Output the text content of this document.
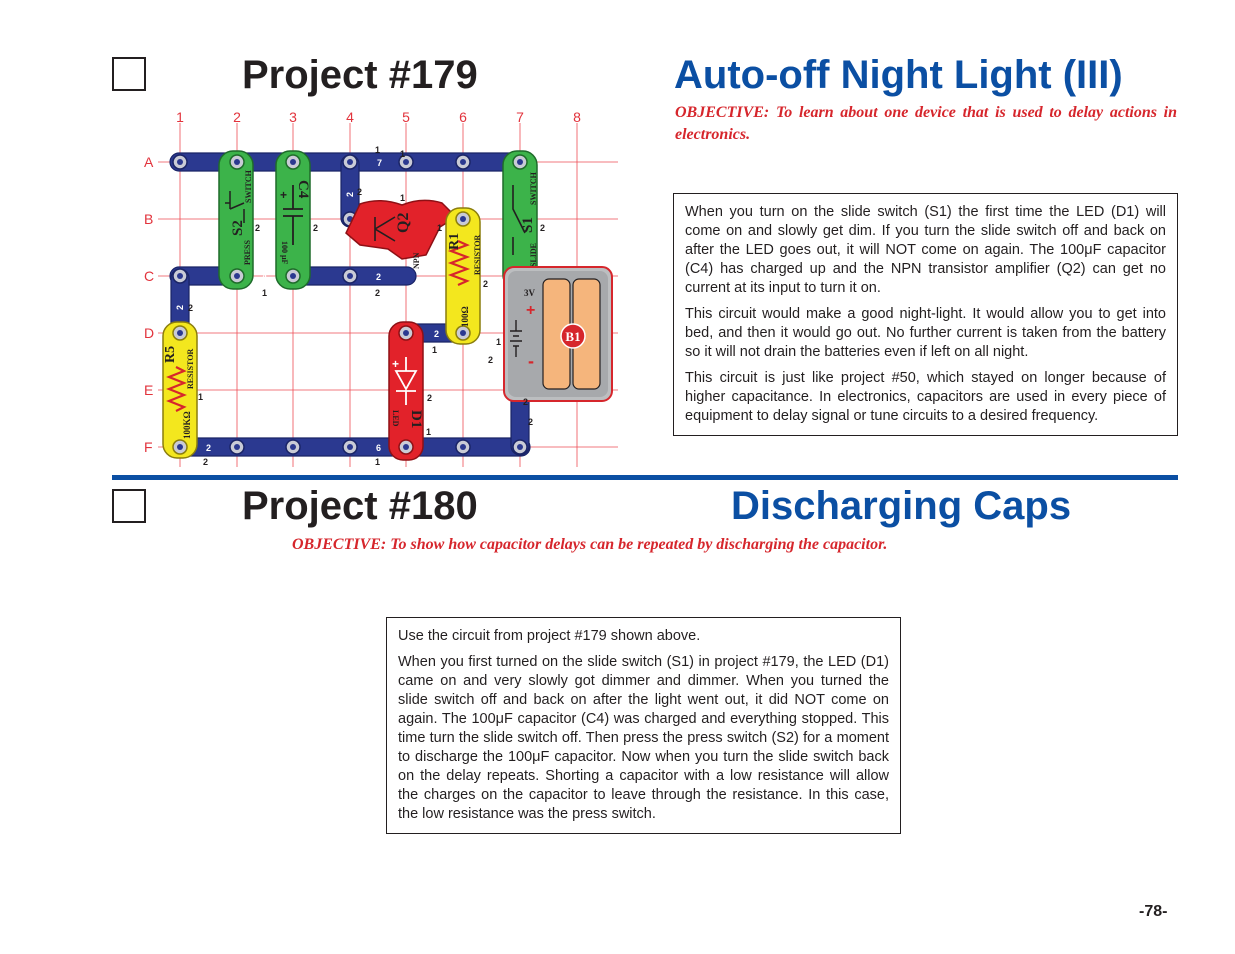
Project #179	Auto-off Night Light (III)
OBJECTIVE: To learn about one device that is used to delay actions in electronics.
1	2	3	4	5	6	7	8
A
B
C
D
E
F
S2
PRESS
SWITCH + C4
100 μF
Q2
NPN
R1 RESISTOR
100Ω
S1
SLIDE
SWITCH
B1
3V
+
-
R5 RESISTOR
100KΩ
+
D1
LED
7
4	2
2	6
2
2
2
1
2
1
2	2
1
1	2
2
2
1
2
1
2
2
1
1
2	1
2
1
2

When you turn on the slide switch (S1) the first time the LED (D1) will come on and slowly get dim. If you turn the slide switch off and back on after the LED goes out, it will NOT come on again. The 100μF capacitor (C4) has charged up and the NPN transistor amplifier (Q2) can get no current at its input to turn it on.

This circuit would make a good night-light. It would allow you to get into bed, and then it would go out. No further current is taken from the battery so it will not drain the batteries even if left on all night.

This circuit is just like project #50, which stayed on longer because of higher capacitance. In electronics, capacitors are used in every piece of equipment to delay signal or tune circuits to a desired frequency.

Project #180	Discharging Caps
OBJECTIVE: To show how capacitor delays can be repeated by discharging the capacitor.

Use the circuit from project #179 shown above.

When you first turned on the slide switch (S1) in project #179, the LED (D1) came on and very slowly got dimmer and dimmer. When you turned the slide switch off and back on after the light went out, it did NOT come on again. The 100μF capacitor (C4) was charged and everything stopped. This time turn the slide switch off. Then press the press switch (S2) for a moment to discharge the 100μF capacitor. Now when you turn the slide switch back on the delay repeats. Shorting a capacitor with a low resistance will allow the charges on the capacitor to leave through the resistance. In this case, the low resistance was the press switch.

-78-
